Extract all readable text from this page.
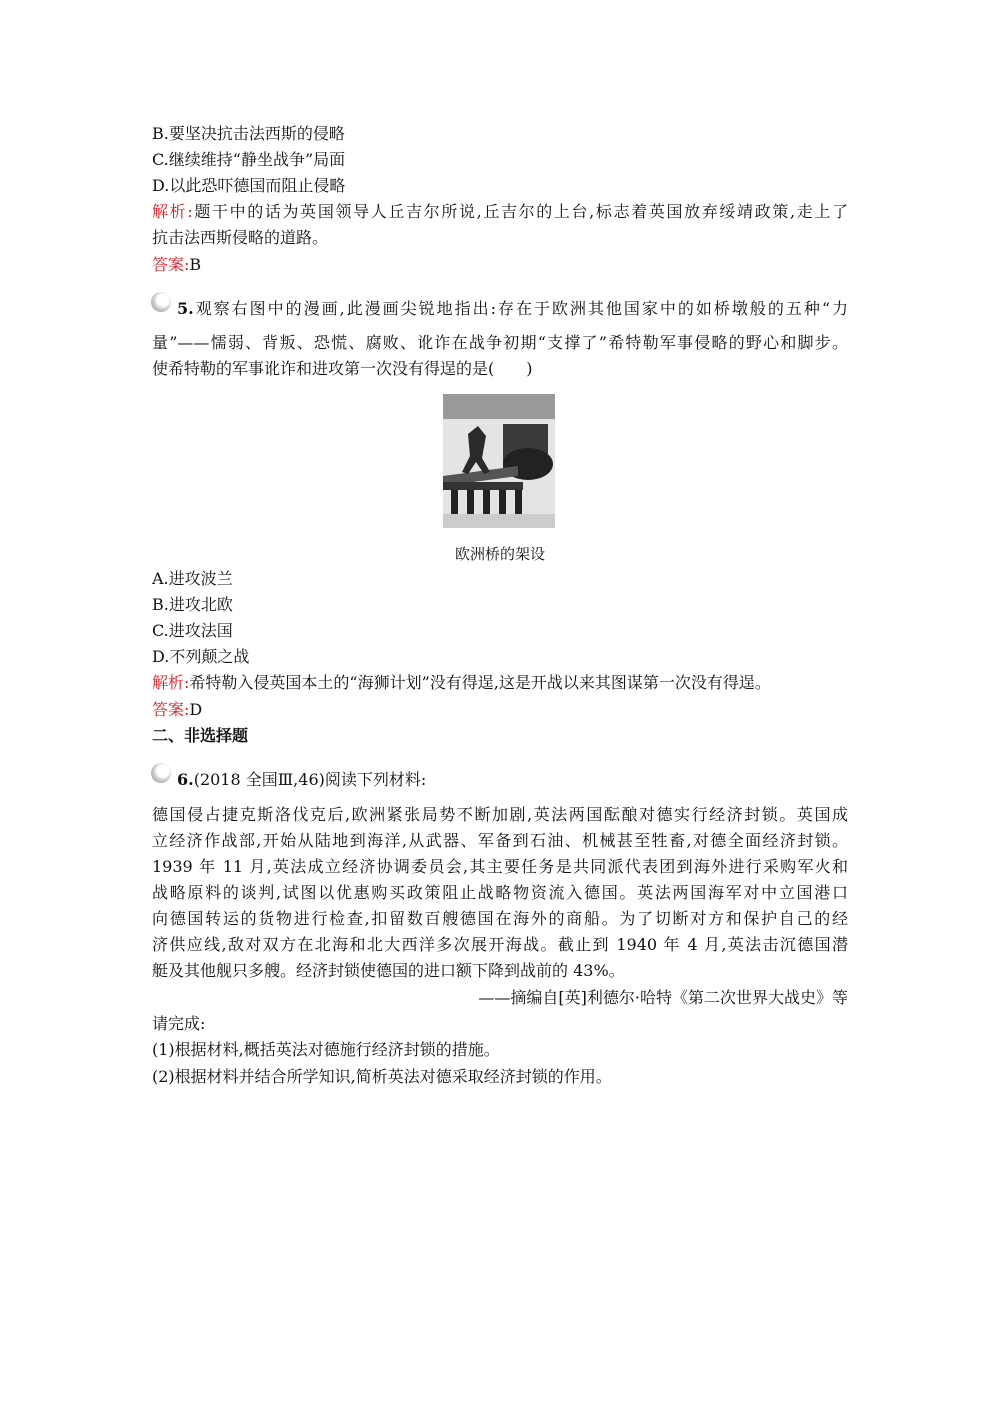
B.要坚决抗击法西斯的侵略
C.继续维持“静坐战争”局面
D.以此恐吓德国而阻止侵略
解析:题干中的话为英国领导人丘吉尔所说,丘吉尔的上台,标志着英国放弃绥靖政策,走上了
抗击法西斯侵略的道路。
答案:B
5.观察右图中的漫画,此漫画尖锐地指出:存在于欧洲其他国家中的如桥墩般的五种“力
量”——懦弱、背叛、恐慌、腐败、讹诈在战争初期“支撑了”希特勒军事侵略的野心和脚步。
使希特勒的军事讹诈和进攻第一次没有得逞的是(　　)
欧洲桥的架设
A.进攻波兰
B.进攻北欧
C.进攻法国
D.不列颠之战
解析:希特勒入侵英国本土的“海狮计划”没有得逞,这是开战以来其图谋第一次没有得逞。
答案:D
二、非选择题
6.(2018 全国Ⅲ,46)阅读下列材料:
德国侵占捷克斯洛伐克后,欧洲紧张局势不断加剧,英法两国酝酿对德实行经济封锁。英国成
立经济作战部,开始从陆地到海洋,从武器、军备到石油、机械甚至牲畜,对德全面经济封锁。
1939 年 11 月,英法成立经济协调委员会,其主要任务是共同派代表团到海外进行采购军火和
战略原料的谈判,试图以优惠购买政策阻止战略物资流入德国。英法两国海军对中立国港口
向德国转运的货物进行检查,扣留数百艘德国在海外的商船。为了切断对方和保护自己的经
济供应线,敌对双方在北海和北大西洋多次展开海战。截止到 1940 年 4 月,英法击沉德国潜
艇及其他舰只多艘。经济封锁使德国的进口额下降到战前的 43%。
——摘编自[英]利德尔·哈特《第二次世界大战史》等
请完成:
(1)根据材料,概括英法对德施行经济封锁的措施。
(2)根据材料并结合所学知识,简析英法对德采取经济封锁的作用。
